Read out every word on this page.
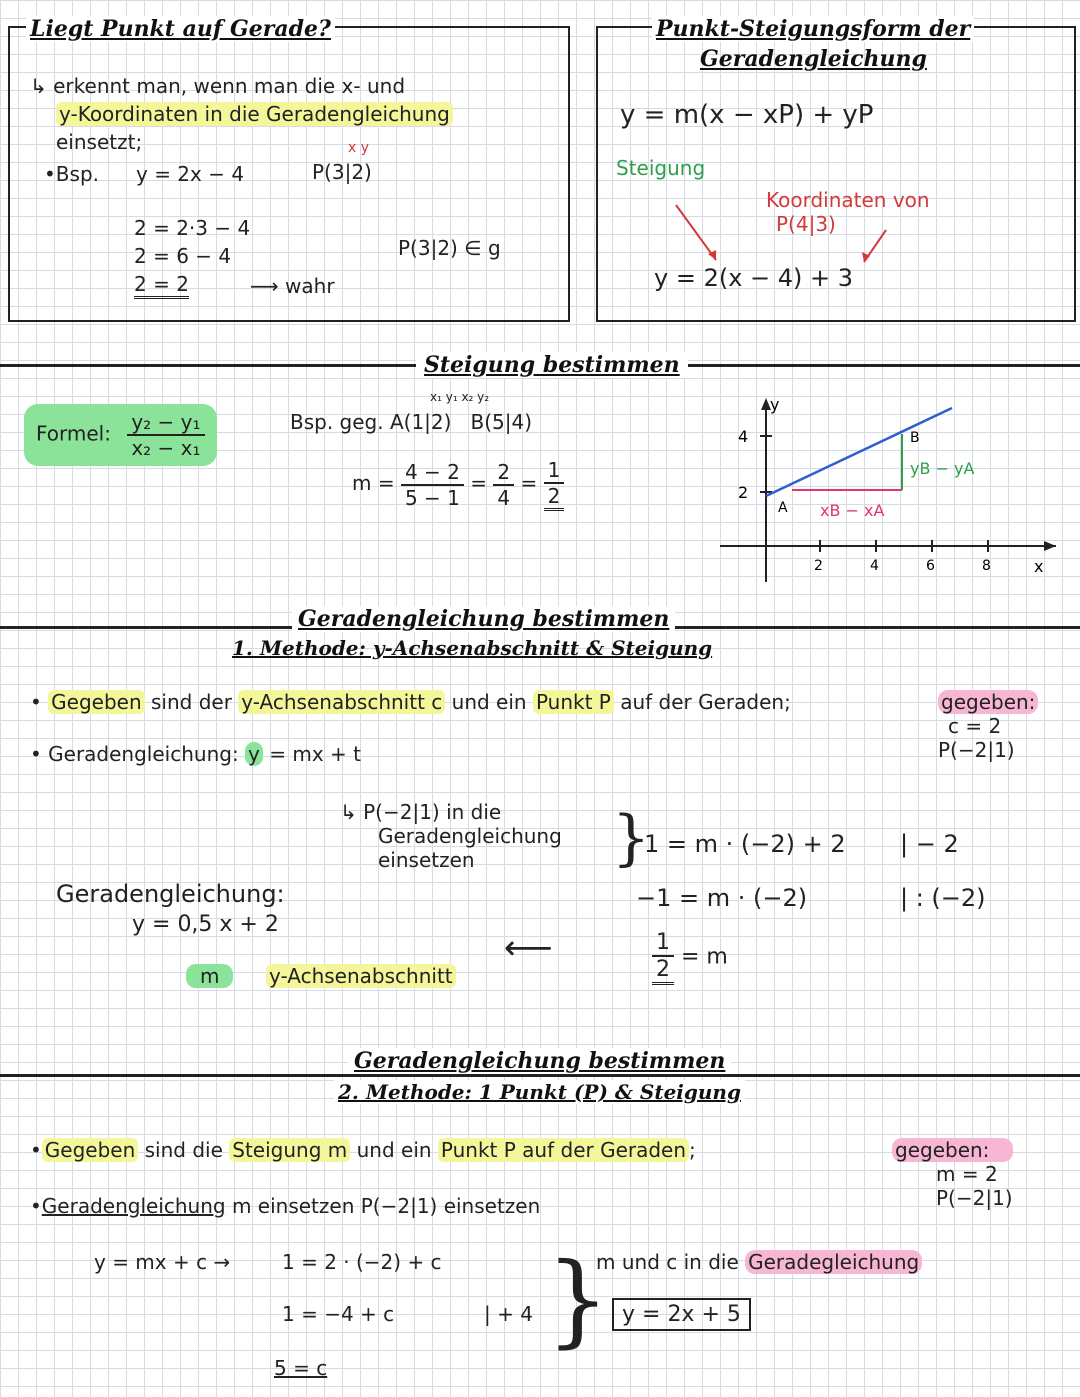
Liegt Punkt auf Gerade?
↳ erkennt man, wenn man die x- und
y-Koordinaten in die Geradengleichung
einsetzt;
•Bsp. y = 2x − 4
x y
P(3|2)
2 = 2·3 − 4
2 = 6 − 4
2 = 2	⟶ wahr
P(3|2) ∈ g
Punkt-Steigungsform der
Geradengleichung
y = m(x − xP) + yP
Steigung
Koordinaten von
P(4|3)
y = 2(x − 4) + 3
Steigung bestimmen
Formel: $\frac{\text{y₂ − y₁}}{\text{x₂ − x₁}}$
x₁ y₁ x₂ y₂
Bsp. geg. A(1|2)   B(5|4)
$m = \frac{4 - 2}{5 - 1} = \frac{2}{4} = \frac{1}{2}$
y
x
4
2
2	4	6	8
A
B
xB − xA
yB − yA
Geradengleichung bestimmen
1. Methode: y-Achsenabschnitt & Steigung
• Gegeben sind der y-Achsenabschnitt c und ein Punkt P auf der Geraden;
• Geradengleichung: y = mx + t
gegeben:
c = 2
P(−2|1)
↳ P(−2|1) in die
Geradengleichung
einsetzen	}
1 = m · (−2) + 2 | − 2
−1 = m · (−2)	| : (−2)
$\frac{1}{2} = m$
⟵
Geradengleichung:
y = 0,5 x + 2
m	y-Achsenabschnitt
Geradengleichung bestimmen
2. Methode: 1 Punkt (P) & Steigung
• Gegeben sind die Steigung m und ein Punkt P auf der Geraden ;
•Geradengleichung m einsetzen P(−2|1) einsetzen
gegeben:
m = 2
P(−2|1)
y = mx + c →	1 = 2 · (−2) + c
1 = −4 + c	| + 4
5 = c
}
m und c in die Geradegleichung
y = 2x + 5
